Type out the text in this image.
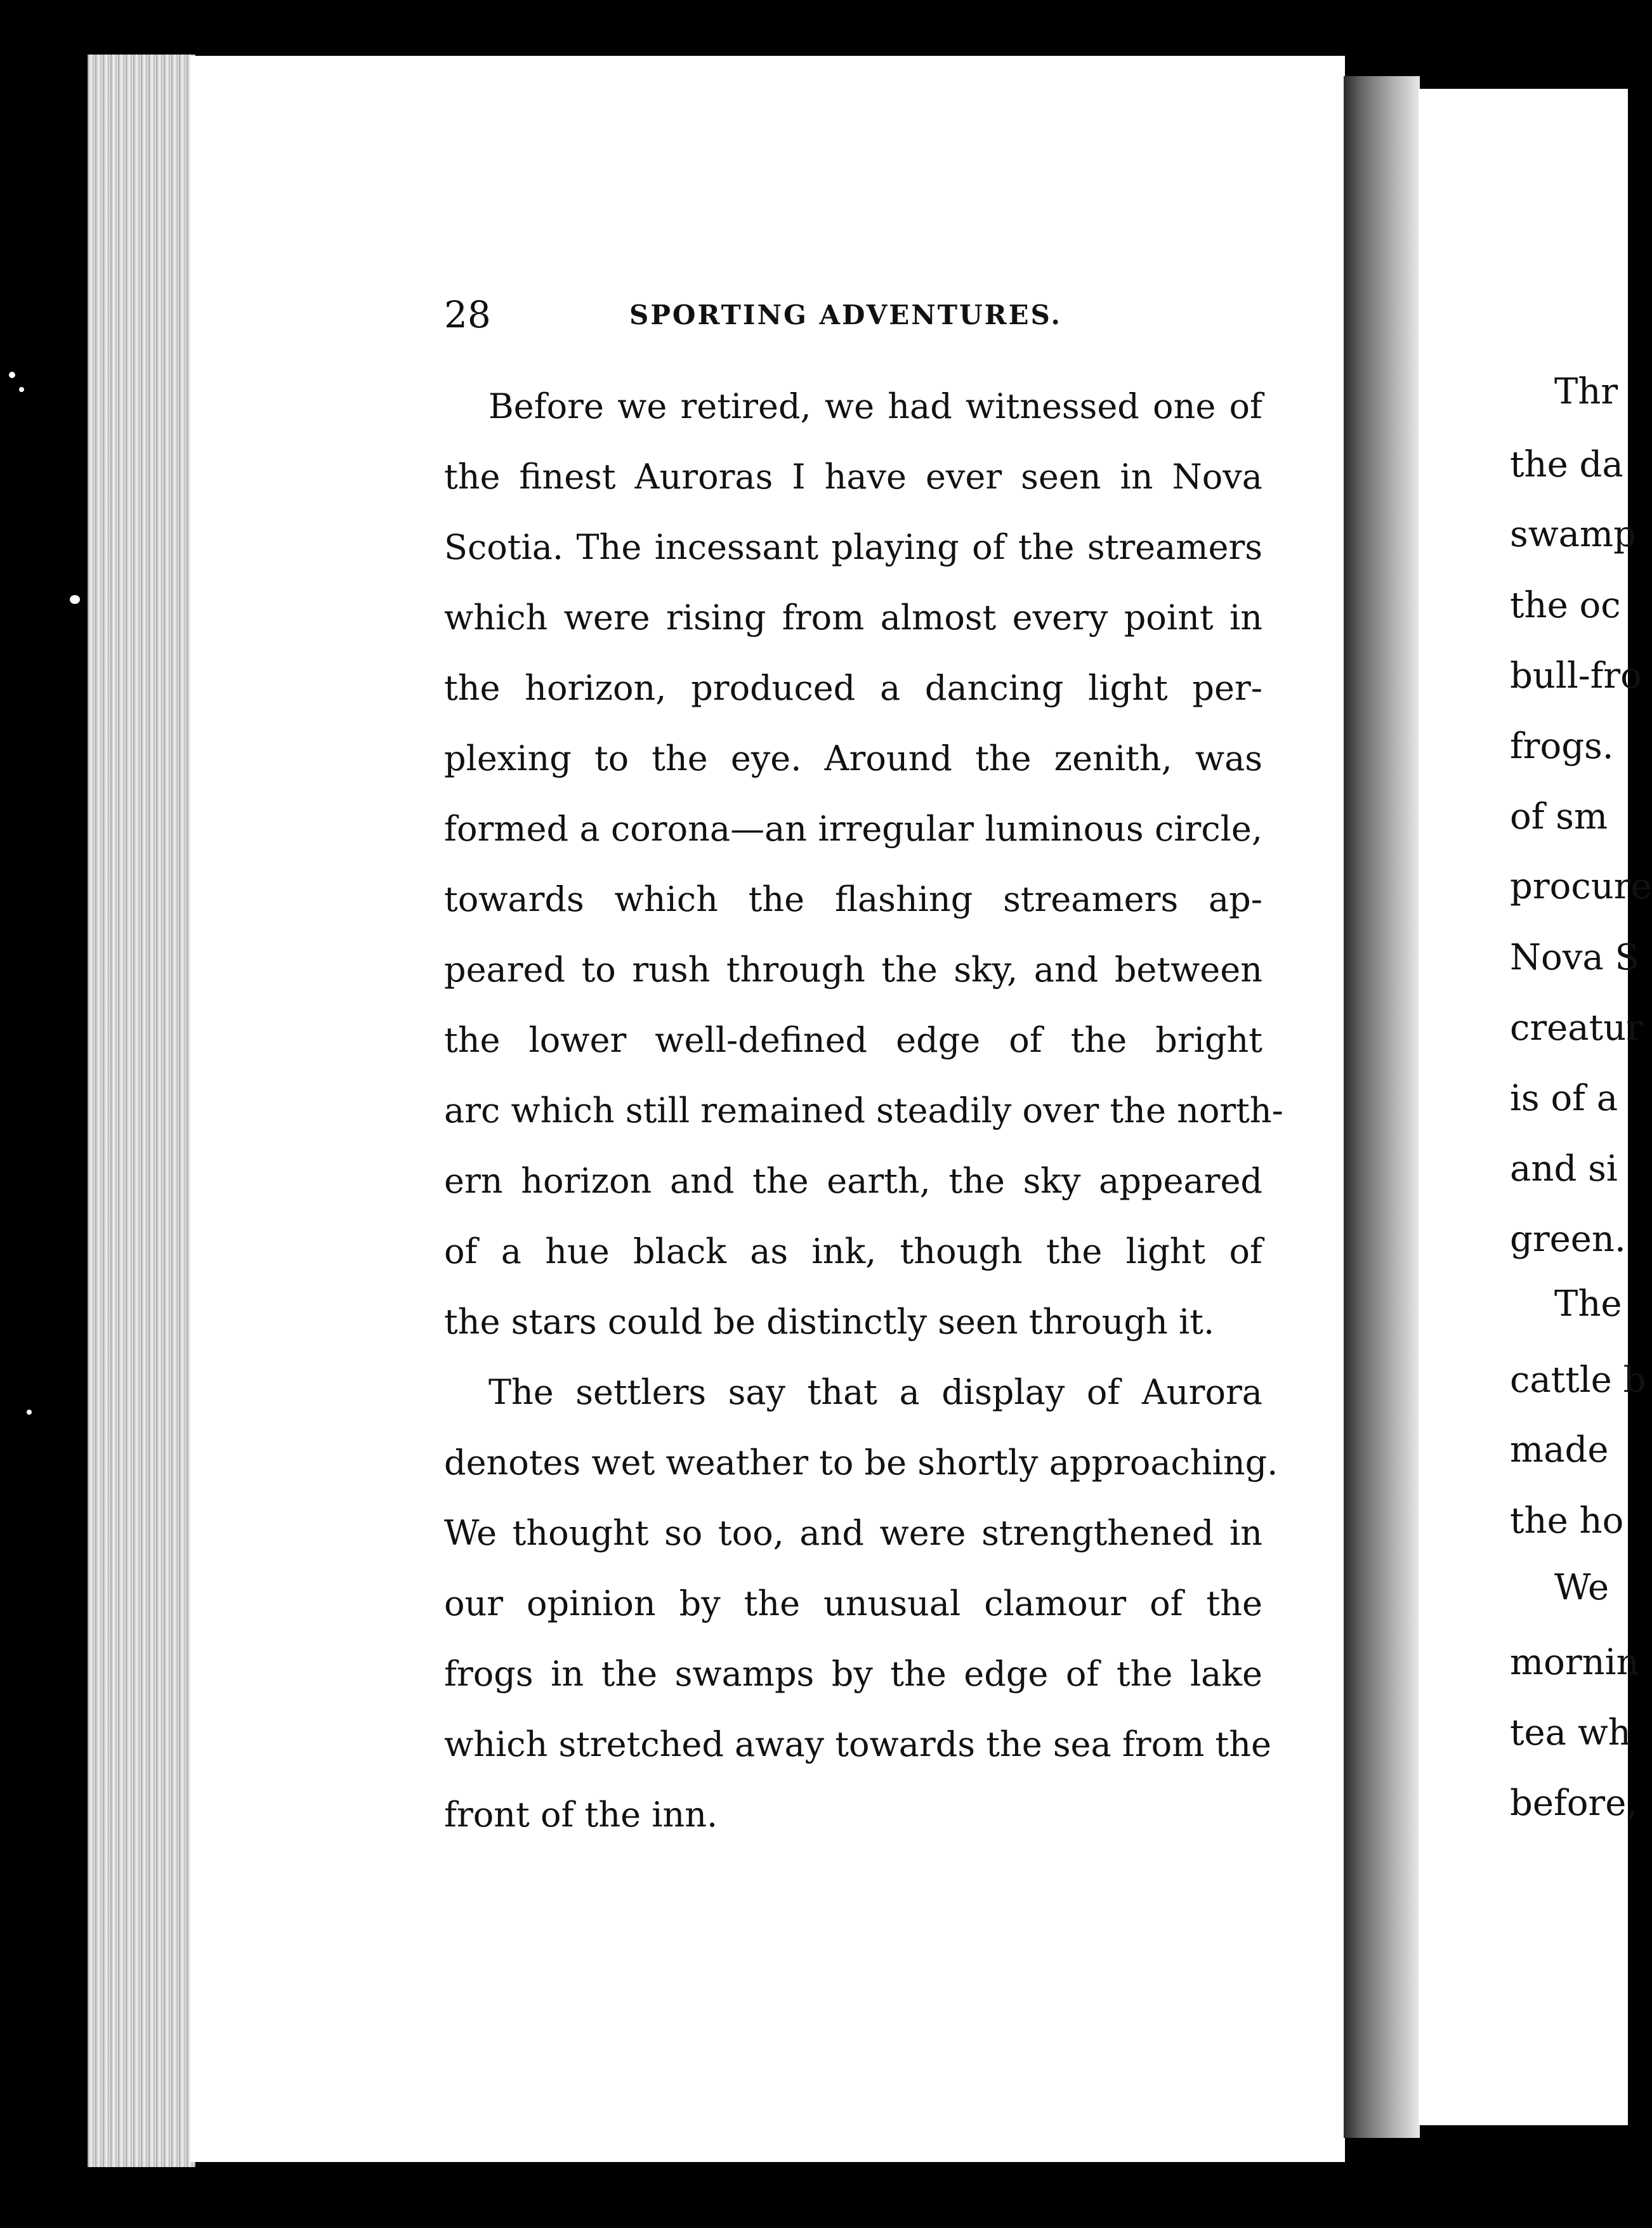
28	SPORTING ADVENTURES.

Before we retired, we had witnessed one of
the finest Auroras I have ever seen in Nova
Scotia. The incessant playing of the streamers
which were rising from almost every point in
the horizon, produced a dancing light per-
plexing to the eye. Around the zenith, was
formed a corona—an irregular luminous circle,
towards which the flashing streamers ap-
peared to rush through the sky, and between
the lower well-defined edge of the bright
arc which still remained steadily over the north-
ern horizon and the earth, the sky appeared
of a hue black as ink, though the light of
the stars could be distinctly seen through it.

The settlers say that a display of Aurora
denotes wet weather to be shortly approaching.
We thought so too, and were strengthened in
our opinion by the unusual clamour of the
frogs in the swamps by the edge of the lake
which stretched away towards the sea from the
front of the inn.

Thr

the da

swamp

the oc

bull-fro

frogs.

of sm

procure

Nova S

creatur

is of a

and si

green.

The

cattle b

made

the ho

We

mornin

tea wh

before,
